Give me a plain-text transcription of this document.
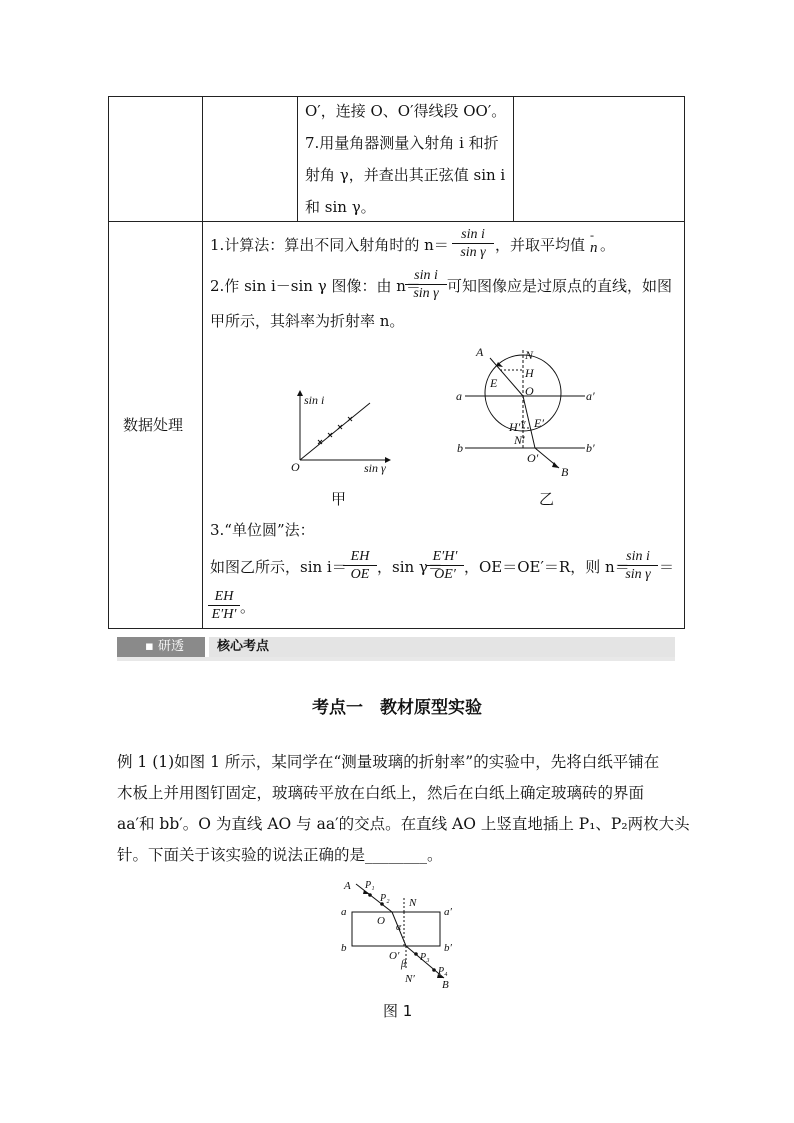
O′，连接 O、O′得线段 OO′。
7.用量角器测量入射角 i 和折
射角 γ，并查出其正弦值 sin i
和 sin γ。
数据处理
1.计算法：算出不同入射角时的 $n= \frac{\text{sin i}}{\text{sin γ}}$ ，并取平均值
-
n 。
2.作 sin i－sin γ 图像：由 n＝
$\frac{\text{sin i}}{\text{sin γ}}$ 可知图像应是过原点的直线，如图
甲所示，其斜率为折射率 n。
sin i
sin γ
O
甲
A	N
H
E
O
a	a′
E′
H′ γ
N′
b	b′
O′
B
乙
3.“单位圆”法：
如图乙所示，sin i＝
$\frac{EH}{OE}$ ，sin γ＝
$\frac{E'H'}{OE'}$ ，OE＝OE′＝R，则 n＝
$\frac{\text{sin i}}{\text{sin γ}}$ ＝
$\frac{EH}{E'H'}$ 。
▪ 研透	核心考点
考点一　教材原型实验
例 1 (1)如图 1 所示，某同学在“测量玻璃的折射率”的实验中，先将白纸平铺在
木板上并用图钉固定，玻璃砖平放在白纸上，然后在白纸上确定玻璃砖的界面
aa′和 bb′。O 为直线 AO 与 aa′的交点。在直线 AO 上竖直地插上 P₁、P₂两枚大头
针。下面关于该实验的说法正确的是________。
A P₁
P₂ N
a	a′
O
α
b	b′
O′ P₃
β
P₄
N′ B
图 1
